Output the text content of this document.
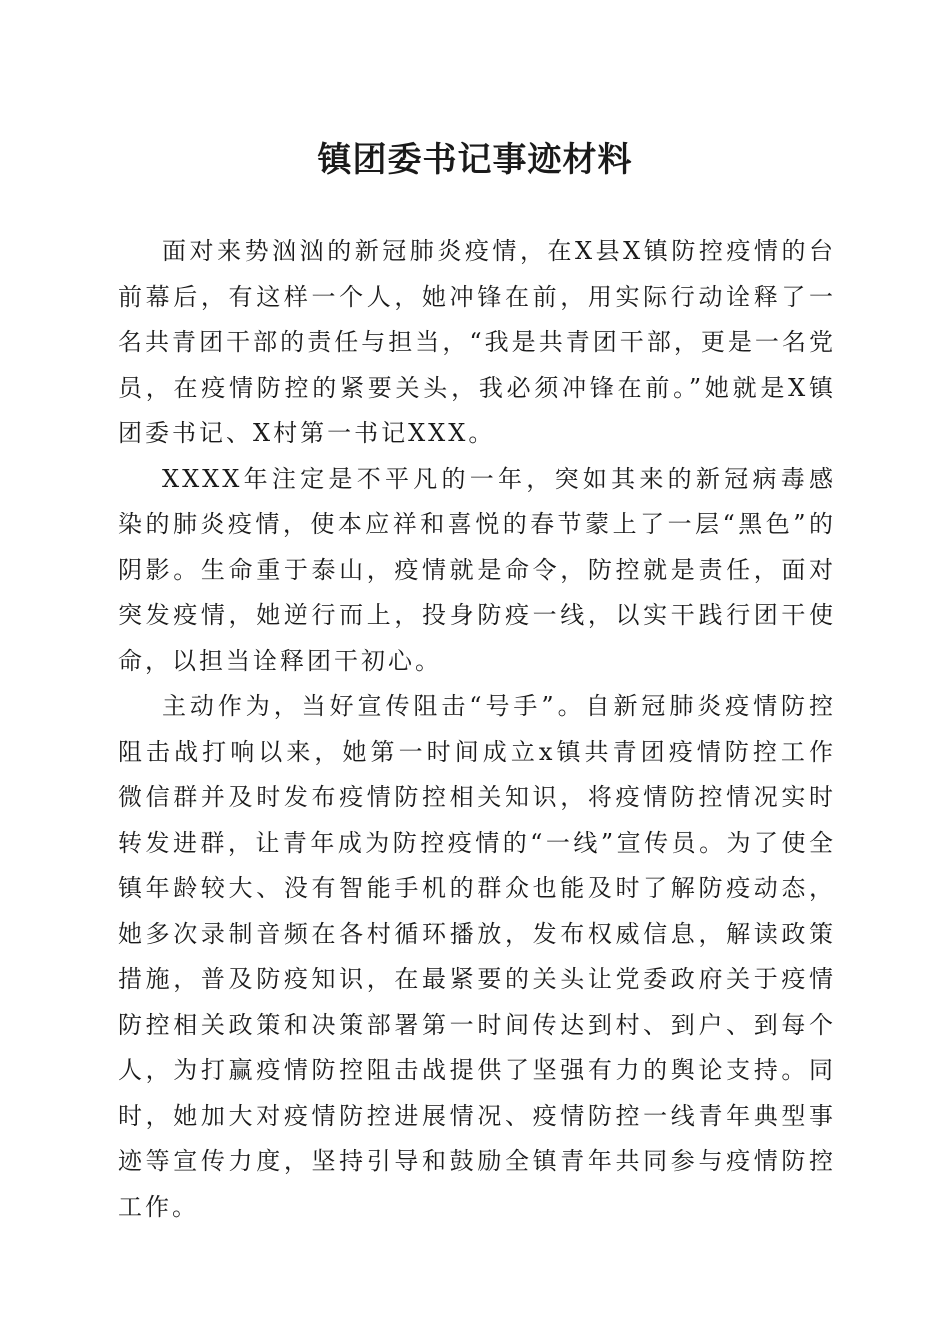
镇团委书记事迹材料

面对来势汹汹的新冠肺炎疫情，在X县X镇防控疫情的台前幕后，有这样一个人，她冲锋在前，用实际行动诠释了一名共青团干部的责任与担当，“我是共青团干部，更是一名党员，在疫情防控的紧要关头，我必须冲锋在前。”她就是X镇团委书记、X村第一书记XXX。

XXXX年注定是不平凡的一年，突如其来的新冠病毒感染的肺炎疫情，使本应祥和喜悦的春节蒙上了一层“黑色”的阴影。生命重于泰山，疫情就是命令，防控就是责任，面对突发疫情，她逆行而上，投身防疫一线，以实干践行团干使命，以担当诠释团干初心。

主动作为，当好宣传阻击“号手”。自新冠肺炎疫情防控阻击战打响以来，她第一时间成立x镇共青团疫情防控工作微信群并及时发布疫情防控相关知识，将疫情防控情况实时转发进群，让青年成为防控疫情的“一线”宣传员。为了使全镇年龄较大、没有智能手机的群众也能及时了解防疫动态，她多次录制音频在各村循环播放，发布权威信息，解读政策措施，普及防疫知识，在最紧要的关头让党委政府关于疫情防控相关政策和决策部署第一时间传达到村、到户、到每个人，为打赢疫情防控阻击战提供了坚强有力的舆论支持。同时，她加大对疫情防控进展情况、疫情防控一线青年典型事迹等宣传力度，坚持引导和鼓励全镇青年共同参与疫情防控工作。
